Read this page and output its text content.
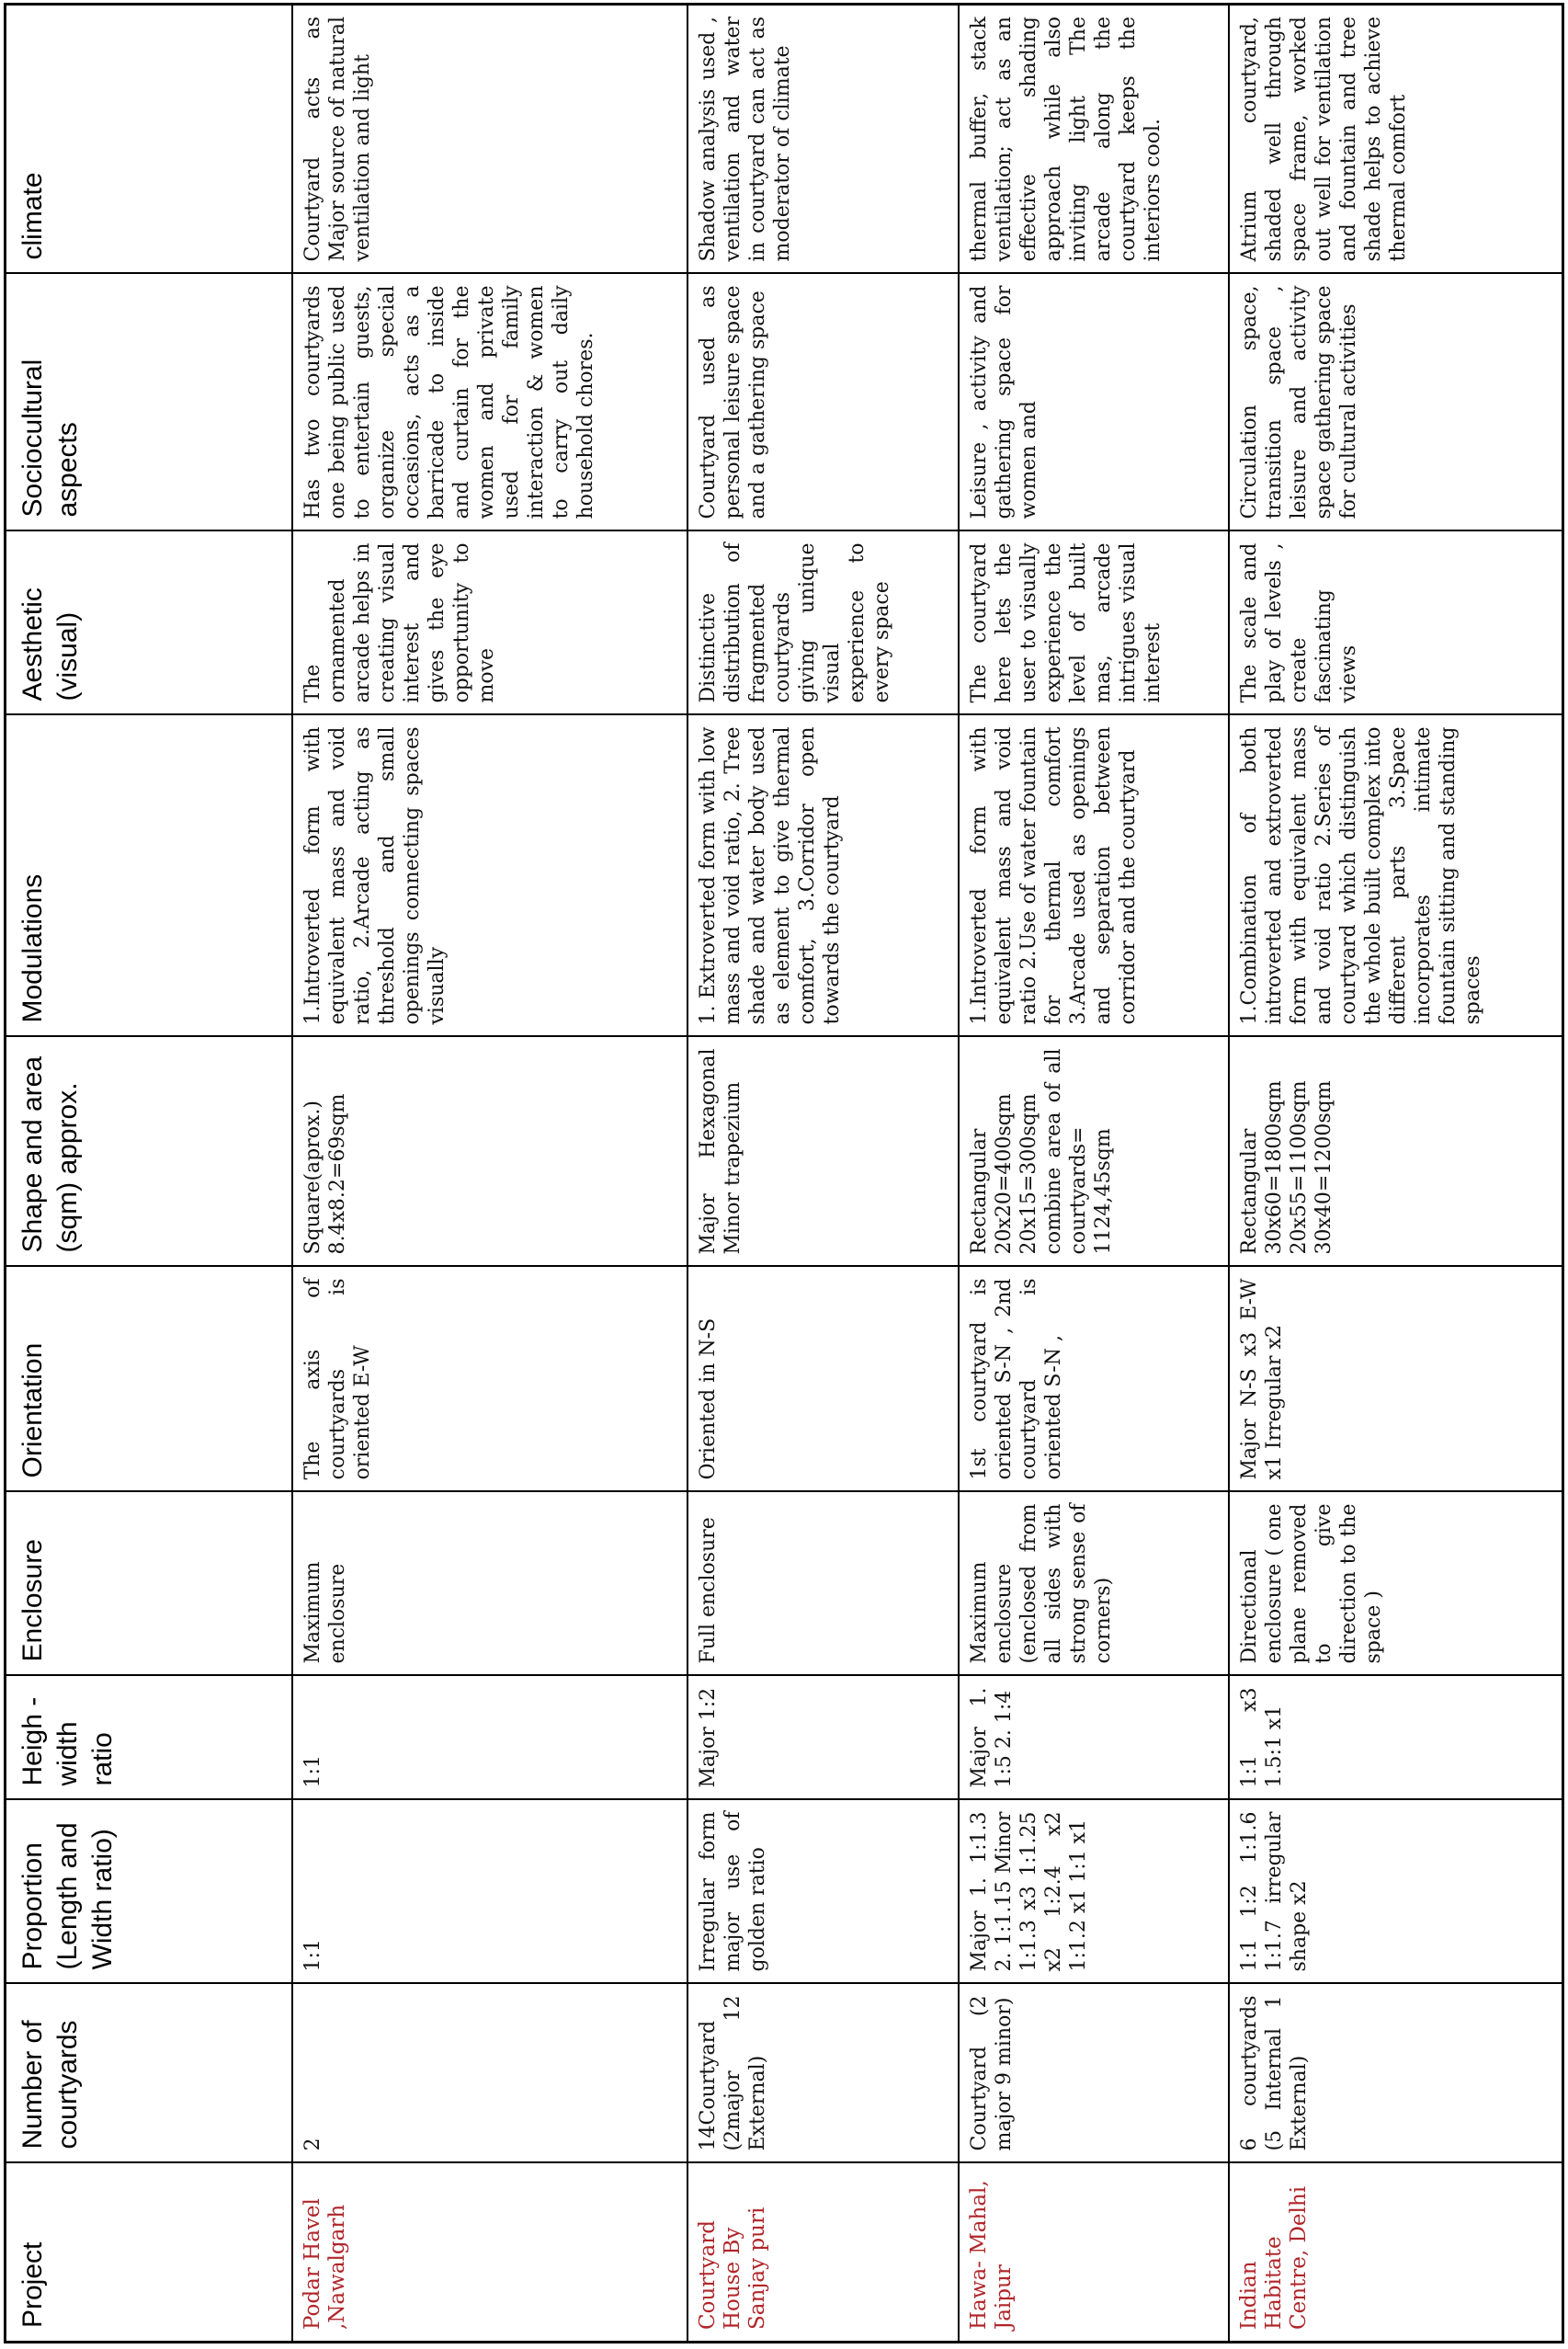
Project	Number of courtyards	Proportion (Length and Width ratio)	Heigh - width ratio	Enclosure	Orientation	Shape and area (sqm) approx.	Modulations	Aesthetic (visual)	Sociocultural aspects	climate
Podar Havel ,Nawalgarh	2	1:1	1:1	Maximum enclosure	The axis of courtyards is oriented E-W	Square(aprox.) 8.4x8.2=69sqm	1.Introverted form with equivalent mass and void ratio, 2.Arcade acting as threshold and small openings connecting spaces visually	The ornamented arcade helps in creating visual interest and gives the eye opportunity to move	Has two courtyards one being public used to entertain guests, organize special occasions, acts as a barricade to inside and curtain for the women and private used for family interaction & women to carry out daily household chores.	Courtyard acts as Major source of natural ventilation and light
Courtyard House By Sanjay puri	14Courtyard (2major 12 External)	Irregular form major use of golden ratio	Major 1:2	Full enclosure	Oriented in N-S	Major Hexagonal Minor trapezium	1. Extroverted form with low mass and void ratio, 2. Tree shade and water body used as element to give thermal comfort, 3.Corridor open towards the courtyard	Distinctive distribution of fragmented courtyards giving unique visual experience to every space	Courtyard used as personal leisure space and a gathering space	Shadow analysis used , ventilation and water in courtyard can act as moderator of climate
Hawa- Mahal, Jaipur	Courtyard (2 major 9 minor)	Major 1. 1:1.3 2. 1:1.15 Minor 1:1.3 x3 1:1.25 x2 1:2.4 x2 1:1.2 x1 1:1 x1	Major 1. 1:5 2. 1:4	Maximum enclosure (enclosed from all sides with strong sense of corners)	1st courtyard is oriented S-N , 2nd courtyard is oriented S-N ,	Rectangular 20x20=400sqm 20x15=300sqm combine area of all courtyards= 1124,45sqm	1.Introverted form with equivalent mass and void ratio 2.Use of water fountain for thermal comfort 3.Arcade used as openings and separation between corridor and the courtyard	The courtyard here lets the user to visually experience the level of built mas, arcade intrigues visual interest	Leisure , activity and gathering space for women and	thermal buffer, stack ventilation; act as an effective shading approach while also inviting light The arcade along the courtyard keeps the interiors cool.
Indian Habitate Centre, Delhi	6 courtyards (5 Internal 1 External)	1:1 1:2 1:1.6 1:1.7 irregular shape x2	1:1 x3 1.5:1 x1	Directional enclosure ( one plane removed to give direction to the space )	Major N-S x3 E-W x1 Irregular x2	Rectangular 30x60=1800sqm 20x55=1100sqm 30x40=1200sqm	1.Combination of both introverted and extroverted form with equivalent mass and void ratio 2.Series of courtyard which distinguish the whole built complex into different parts 3.Space incorporates intimate fountain sitting and standing spaces	The scale and play of levels , create fascinating views	Circulation space, transition space , leisure and activity space gathering space for cultural activities	Atrium courtyard, shaded well through space frame, worked out well for ventilation and fountain and tree shade helps to achieve thermal comfort
